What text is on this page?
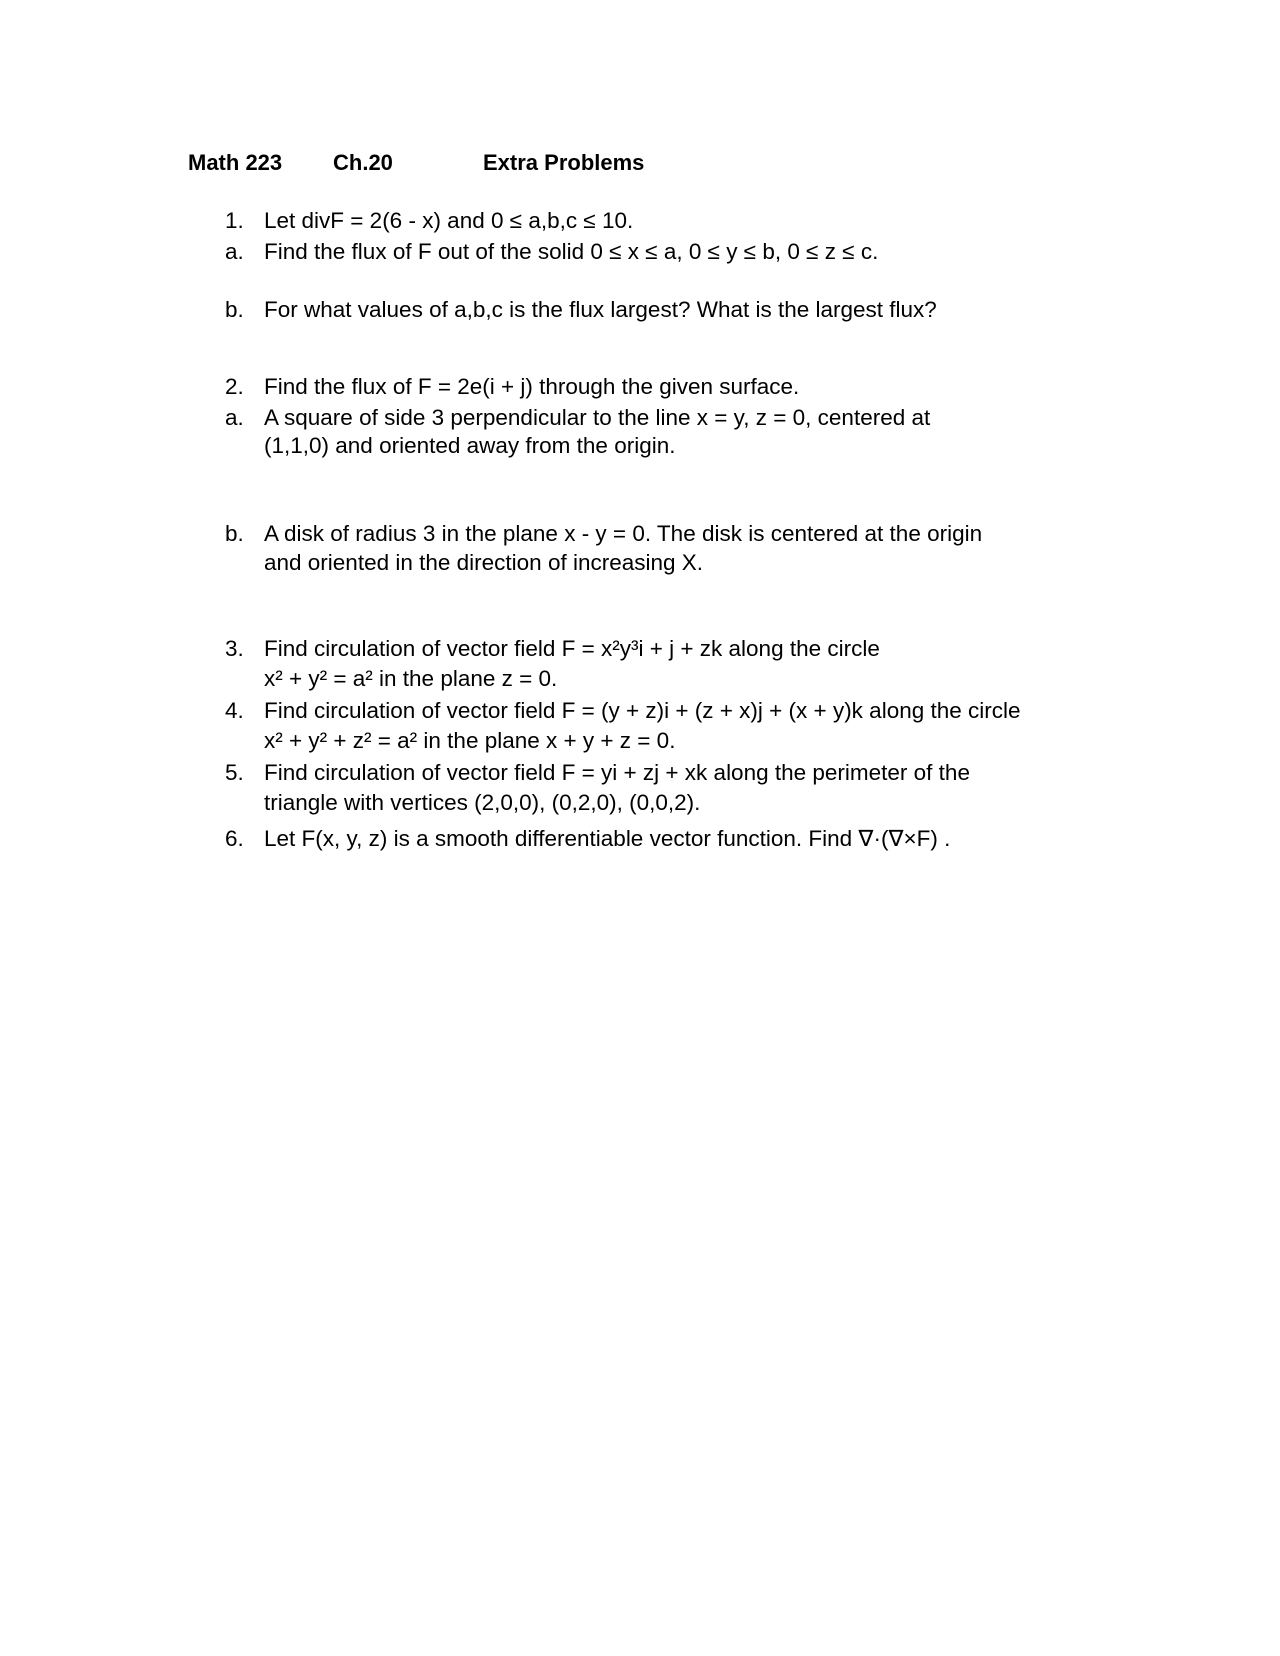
Math 223 Ch.20	Extra Problems
1. Let divF = 2(6 - x) and 0 ≤ a,b,c ≤ 10.
a. Find the flux of F out of the solid 0 ≤ x ≤ a, 0 ≤ y ≤ b, 0 ≤ z ≤ c.
b. For what values of a,b,c is the flux largest? What is the largest flux?
2. Find the flux of F = 2e(i + j) through the given surface.
a. A square of side 3 perpendicular to the line x = y, z = 0, centered at
(1,1,0) and oriented away from the origin.
b. A disk of radius 3 in the plane x - y = 0. The disk is centered at the origin
and oriented in the direction of increasing X.
3. Find circulation of vector field F = x²y³i + j + zk along the circle
x² + y² = a² in the plane z = 0.
4. Find circulation of vector field F = (y + z)i + (z + x)j + (x + y)k along the circle
x² + y² + z² = a² in the plane x + y + z = 0.
5. Find circulation of vector field F = yi + zj + xk along the perimeter of the
triangle with vertices (2,0,0), (0,2,0), (0,0,2).
6. Let F(x, y, z) is a smooth differentiable vector function. Find ∇·(∇×F) .
